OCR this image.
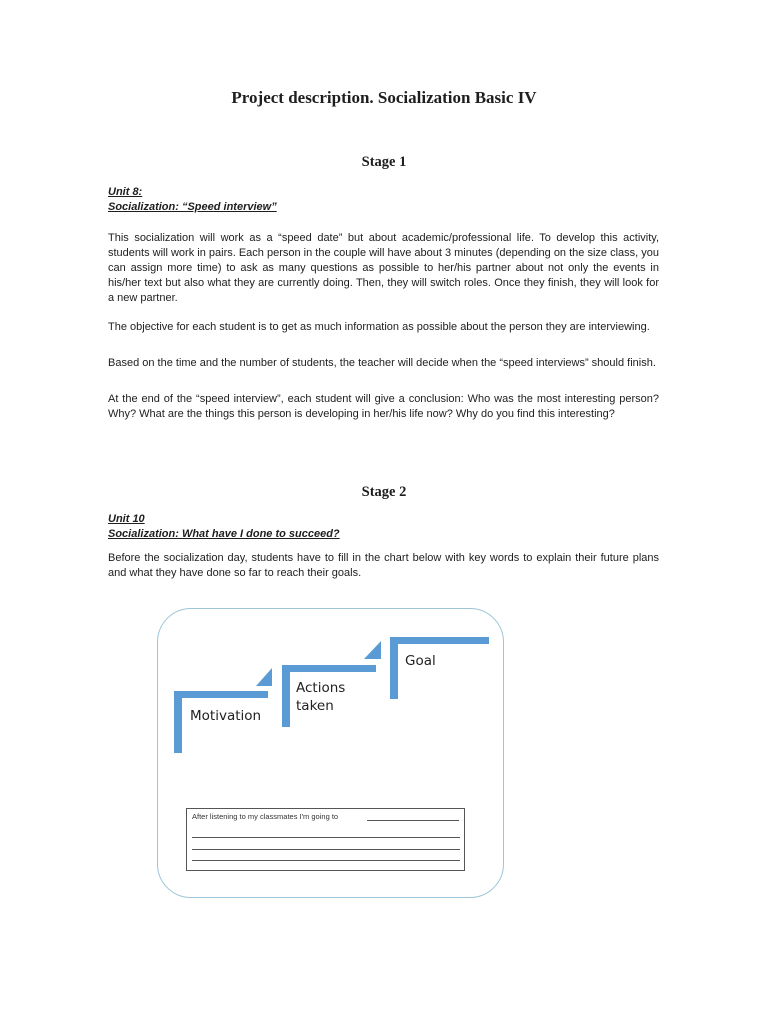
Project description. Socialization Basic IV
Stage 1
Unit 8:
Socialization: “Speed interview”

This socialization will work as a “speed date” but about academic/professional life. To develop this activity, students will work in pairs. Each person in the couple will have about 3 minutes (depending on the size class, you can assign more time) to ask as many questions as possible to her/his partner about not only the events in his/her text but also what they are currently doing. Then, they will switch roles. Once they finish, they will look for a new partner.

The objective for each student is to get as much information as possible about the person they are interviewing.

Based on the time and the number of students, the teacher will decide when the “speed interviews” should finish.

At the end of the “speed interview”, each student will give a conclusion: Who was the most interesting person? Why? What are the things this person is developing in her/his life now? Why do you find this interesting?

Stage 2
Unit 10
Socialization: What have I done to succeed?

Before the socialization day, students have to fill in the chart below with key words to explain their future plans and what they have done so far to reach their goals.

Motivation
Actions taken
Goal
After listening to my classmates I'm going to
